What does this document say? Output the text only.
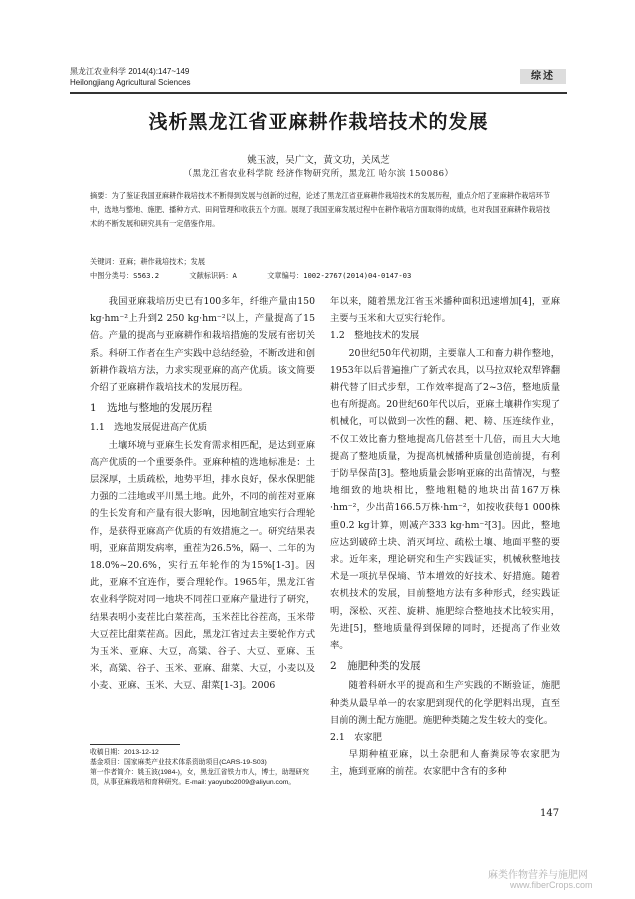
黑龙江农业科学 2014(4):147~149
Heilongjiang Agricultural Sciences
综述
浅析黑龙江省亚麻耕作栽培技术的发展
姚玉波，吴广文，黄文功，关凤芝
（黑龙江省农业科学院 经济作物研究所，黑龙江 哈尔滨 150086）
摘要：为了鉴证我国亚麻耕作栽培技术不断得到发展与创新的过程，论述了黑龙江省亚麻耕作栽培技术的发展历程，重点介绍了亚麻耕作栽培环节中，选地与整地、施肥、播种方式、田间管理和收获五个方面。展现了我国亚麻发展过程中在耕作栽培方面取得的成绩，也对我国亚麻耕作栽培技术的不断发展和研究具有一定借鉴作用。
关键词：亚麻；耕作栽培技术；发展
中图分类号：S563.2	文献标识码：A	文章编号：1002-2767(2014)04-0147-03

我国亚麻栽培历史已有100多年，纤维产量由150 kg·hm⁻²上升到2 250 kg·hm⁻²以上，产量提高了15倍。产量的提高与亚麻耕作和栽培措施的发展有密切关系。科研工作者在生产实践中总结经验，不断改进和创新耕作栽培方法，力求实现亚麻的高产优质。该文简要介绍了亚麻耕作栽培技术的发展历程。

1　选地与整地的发展历程
1.1　选地发展促进高产优质

土壤环境与亚麻生长发育需求相匹配，是达到亚麻高产优质的一个重要条件。亚麻种植的选地标准是：土层深厚，土质疏松，地势平坦，排水良好，保水保肥能力强的二洼地或平川黑土地。此外，不同的前茬对亚麻的生长发育和产量有很大影响，因地制宜地实行合理轮作，是获得亚麻高产优质的有效措施之一。研究结果表明，亚麻苗期发病率，重茬为26.5%，隔一、二年的为18.0%~20.6%，实行五年轮作的为15%[1-3]。因此，亚麻不宜连作，要合理轮作。1965年，黑龙江省农业科学院对同一地块不同茬口亚麻产量进行了研究，结果表明小麦茬比白菜茬高，玉米茬比谷茬高，玉米带大豆茬比甜菜茬高。因此，黑龙江省过去主要轮作方式为玉米、亚麻、大豆，高粱、谷子、大豆、亚麻、玉米，高粱、谷子、玉米、亚麻、甜菜、大豆，小麦以及小麦、亚麻、玉米、大豆、甜菜[1-3]。2006

年以来，随着黑龙江省玉米播种面积迅速增加[4]，亚麻主要与玉米和大豆实行轮作。

1.2　整地技术的发展

20世纪50年代初期，主要靠人工和畜力耕作整地，1953年以后普遍推广了新式农具，以马拉双轮双犁铧翻耕代替了旧式步犁，工作效率提高了2~3倍，整地质量也有所提高。20世纪60年代以后，亚麻土壤耕作实现了机械化，可以做到一次性的翻、耙、耪、压连续作业，不仅工效比畜力整地提高几倍甚至十几倍，而且大大地提高了整地质量，为提高机械播种质量创造前提，有利于防旱保苗[3]。整地质量会影响亚麻的出苗情况，与整地细致的地块相比，整地粗糙的地块出苗167万株·hm⁻²，少出苗166.5万株·hm⁻²，如按收获每1 000株重0.2 kg计算，则减产333 kg·hm⁻²[3]。因此，整地应达到破碎土块、消灭坷垃、疏松土壤、地面平整的要求。近年来，理论研究和生产实践证实，机械秋整地技术是一项抗旱保墒、节本增效的好技术、好措施。随着农机技术的发展，目前整地方法有多种形式，经实践证明，深松、灭茬、旋耕、施肥综合整地技术比较实用，先进[5]，整地质量得到保障的同时，还提高了作业效率。

2　施肥种类的发展

随着科研水平的提高和生产实践的不断验证，施肥种类从最早单一的农家肥到现代的化学肥料出现，直至目前的测土配方施肥。施肥种类随之发生较大的变化。

2.1　农家肥

早期种植亚麻，以土杂肥和人畜粪尿等农家肥为主，施到亚麻的前茬。农家肥中含有的多种

收稿日期：2013-12-12
基金项目：国家麻类产业技术体系资助项目(CARS-19-S03)
第一作者简介：姚玉波(1984-)，女，黑龙江省铁力市人，博士，助理研究员，从事亚麻栽培和育种研究。E-mail: yaoyubo2009@aliyun.com。
147
麻类作物营养与施肥网
www.fiberCrops.com
